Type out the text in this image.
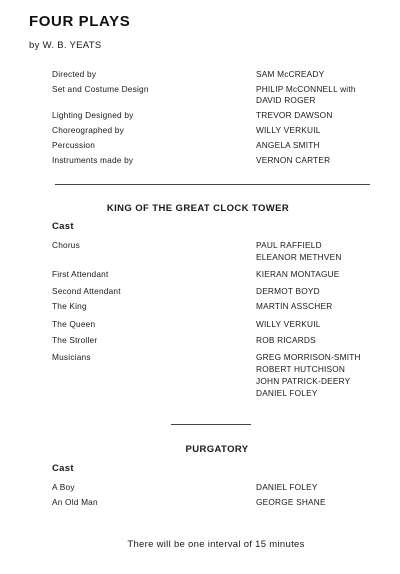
FOUR PLAYS
by W. B. YEATS
Directed by	SAM McCREADY
Set and Costume Design	PHILIP McCONNELL with
DAVID ROGER
Lighting Designed by	TREVOR DAWSON
Choreographed by	WILLY VERKUIL
Percussion	ANGELA SMITH
Instruments made by	VERNON CARTER
KING OF THE GREAT CLOCK TOWER
Cast
Chorus	PAUL RAFFIELD
ELEANOR METHVEN
First Attendant	KIERAN MONTAGUE
Second Attendant	DERMOT BOYD
The King	MARTIN ASSCHER
The Queen	WILLY VERKUIL
The Stroller	ROB RICARDS
Musicians	GREG MORRISON-SMITH
ROBERT HUTCHISON
JOHN PATRICK-DEERY
DANIEL FOLEY
PURGATORY
Cast
A Boy	DANIEL FOLEY
An Old Man	GEORGE SHANE
There will be one interval of 15 minutes
